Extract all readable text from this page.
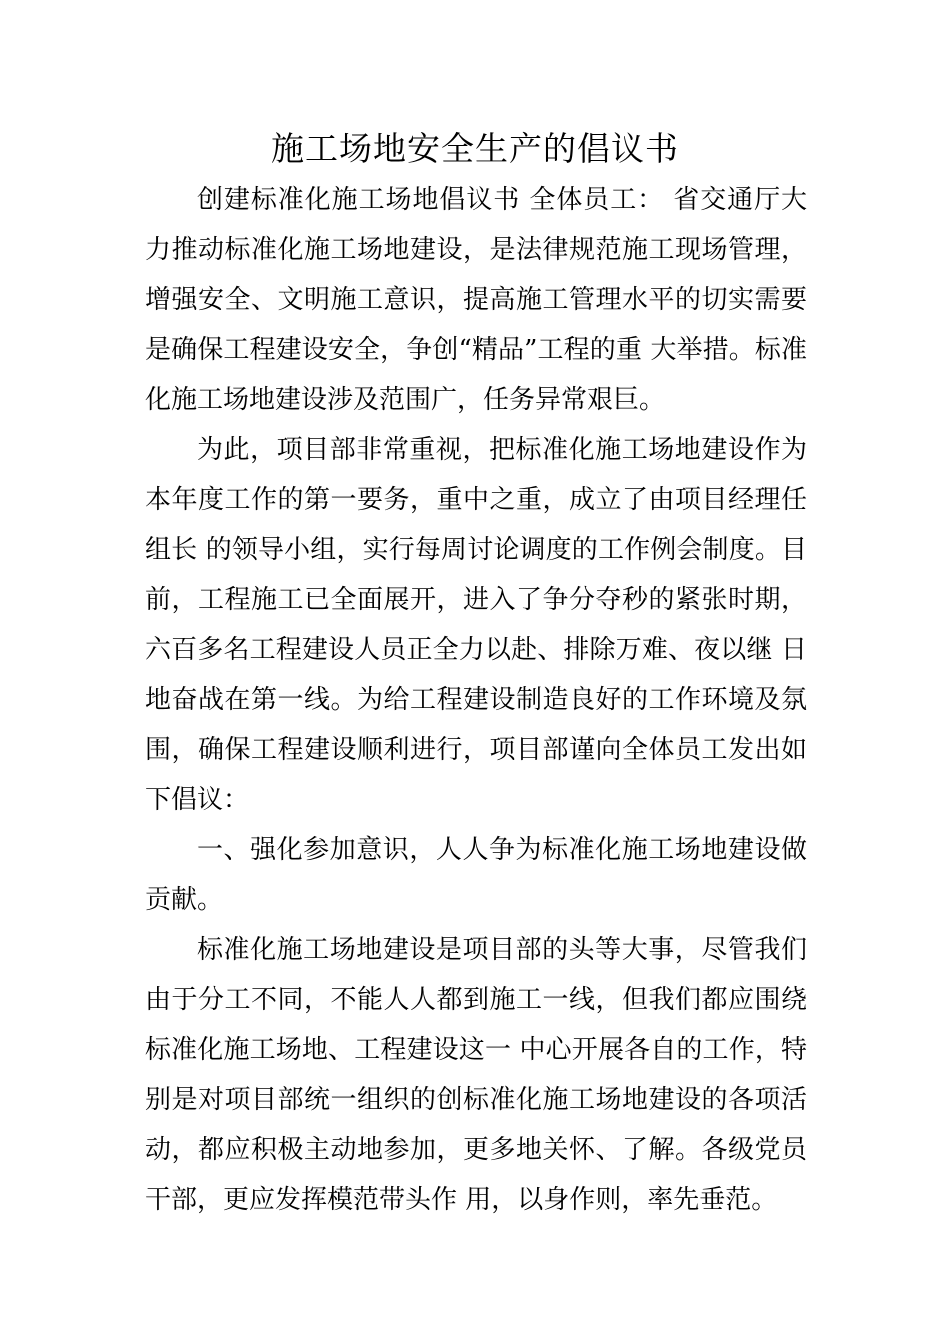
施工场地安全生产的倡议书

创建标准化施工场地倡议书 全体员工： 省交通厅大力推动标准化施工场地建设，是法律规范施工现场管理，增强安全、文明施工意识，提高施工管理水平的切实需要是确保工程建设安全，争创“精品”工程的重 大举措。标准化施工场地建设涉及范围广，任务异常艰巨。

为此，项目部非常重视，把标准化施工场地建设作为本年度工作的第一要务，重中之重，成立了由项目经理任组长 的领导小组，实行每周讨论调度的工作例会制度。目前，工程施工已全面展开，进入了争分夺秒的紧张时期，六百多名工程建设人员正全力以赴、排除万难、夜以继 日地奋战在第一线。为给工程建设制造良好的工作环境及氛围，确保工程建设顺利进行，项目部谨向全体员工发出如下倡议：

一、强化参加意识，人人争为标准化施工场地建设做贡献。

标准化施工场地建设是项目部的头等大事，尽管我们由于分工不同，不能人人都到施工一线，但我们都应围绕标准化施工场地、工程建设这一 中心开展各自的工作，特别是对项目部统一组织的创标准化施工场地建设的各项活动，都应积极主动地参加，更多地关怀、了解。各级党员干部，更应发挥模范带头作 用，以身作则，率先垂范。
